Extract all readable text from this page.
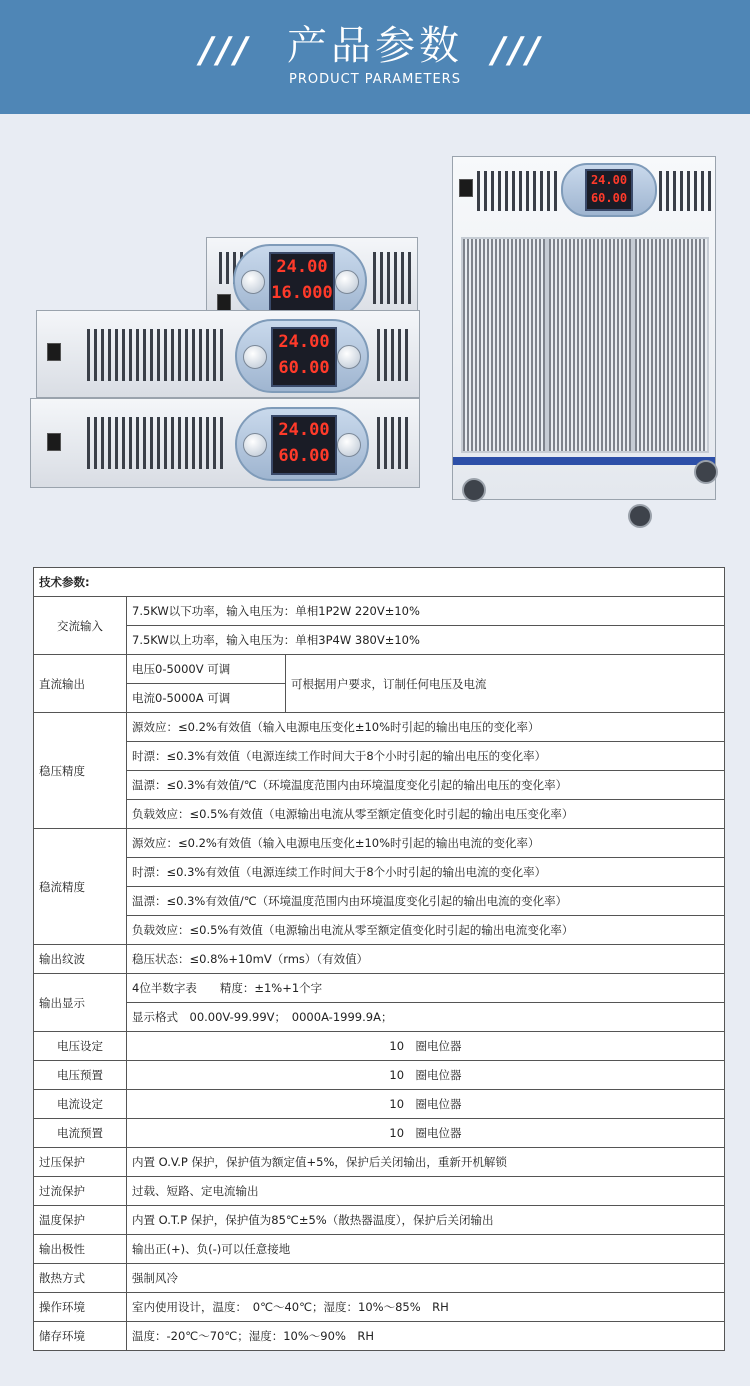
/// 产品参数 ///
PRODUCT PARAMETERS
24.00
16.000
24.00
60.00
24.00
60.00
24.00
60.00
技术参数:		
交流输入	7.5KW以下功率，输入电压为：单相1P2W 220V±10%	
	7.5KW以上功率，输入电压为：单相3P4W 380V±10%	
直流输出	电压0-5000V 可调	可根据用户要求，订制任何电压及电流
	电流0-5000A 可调	
稳压精度	源效应：≤0.2%有效值（输入电源电压变化±10%时引起的输出电压的变化率）	
	时漂：≤0.3%有效值（电源连续工作时间大于8个小时引起的输出电压的变化率）	
	温漂：≤0.3%有效值/℃（环境温度范围内由环境温度变化引起的输出电压的变化率）	
	负载效应：≤0.5%有效值（电源输出电流从零至额定值变化时引起的输出电压变化率）	
稳流精度	源效应：≤0.2%有效值（输入电源电压变化±10%时引起的输出电流的变化率）	
	时漂：≤0.3%有效值（电源连续工作时间大于8个小时引起的输出电流的变化率）	
	温漂：≤0.3%有效值/℃（环境温度范围内由环境温度变化引起的输出电流的变化率）	
	负载效应：≤0.5%有效值（电源输出电流从零至额定值变化时引起的输出电流变化率）	
输出纹波	稳压状态：≤0.8%+10mV（rms）（有效值）	
输出显示	4位半数字表　　精度：±1%+1个字	
	显示格式　00.00V-99.99V；　0000A-1999.9A；	
电压设定	10　圈电位器	
电压预置	10　圈电位器	
电流设定	10　圈电位器	
电流预置	10　圈电位器	
过压保护	内置 O.V.P 保护，保护值为额定值+5%，保护后关闭输出，重新开机解锁	
过流保护	过载、短路、定电流输出	
温度保护	内置 O.T.P 保护，保护值为85℃±5%（散热器温度），保护后关闭输出	
输出极性	输出正(+)、负(-)可以任意接地	
散热方式	强制风冷	
操作环境	室内使用设计，温度：　0℃～40℃；湿度：10%～85%　RH	
储存环境	温度：-20℃～70℃；湿度：10%～90%　RH	
